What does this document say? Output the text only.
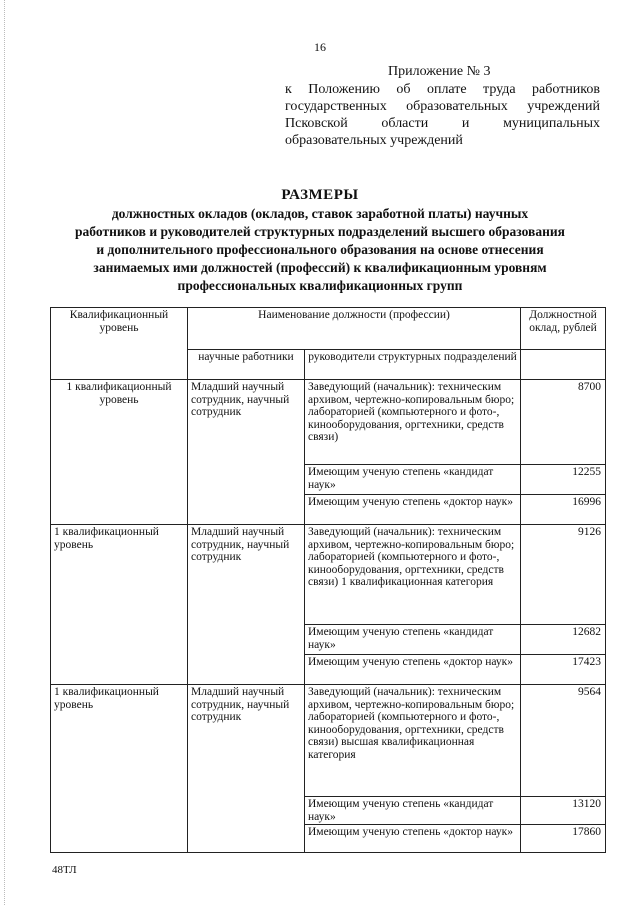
16
Приложение № 3
к Положению об оплате труда работников государственных образовательных учреждений Псковской области и муниципальных образовательных учреждений
РАЗМЕРЫ
должностных окладов (окладов, ставок заработной платы) научных работников и руководителей структурных подразделений высшего образования и дополнительного профессионального образования на основе отнесения занимаемых ими должностей (профессий) к квалификационным уровням профессиональных квалификационных групп
Квалификационный уровень	Наименование должности (профессии)		Должностной оклад, рублей
	научные работники	руководители структурных подразделений	
1 квалификационный уровень	Младший научный сотрудник, научный сотрудник	Заведующий (начальник): техническим архивом, чертежно-копировальным бюро; лабораторией (компьютерного и фото-, кинооборудования, оргтехники, средств связи)	8700
		Имеющим ученую степень «кандидат наук»	12255
		Имеющим ученую степень «доктор наук»	16996
1 квалификационный уровень	Младший научный сотрудник, научный сотрудник	Заведующий (начальник): техническим архивом, чертежно-копировальным бюро; лабораторией (компьютерного и фото-, кинооборудования, оргтехники, средств связи) 1 квалификационная категория	9126
		Имеющим ученую степень «кандидат наук»	12682
		Имеющим ученую степень «доктор наук»	17423
1 квалификационный уровень	Младший научный сотрудник, научный сотрудник	Заведующий (начальник): техническим архивом, чертежно-копировальным бюро; лабораторией (компьютерного и фото-, кинооборудования, оргтехники, средств связи) высшая квалификационная категория	9564
		Имеющим ученую степень «кандидат наук»	13120
		Имеющим ученую степень «доктор наук»	17860
48ТЛ
